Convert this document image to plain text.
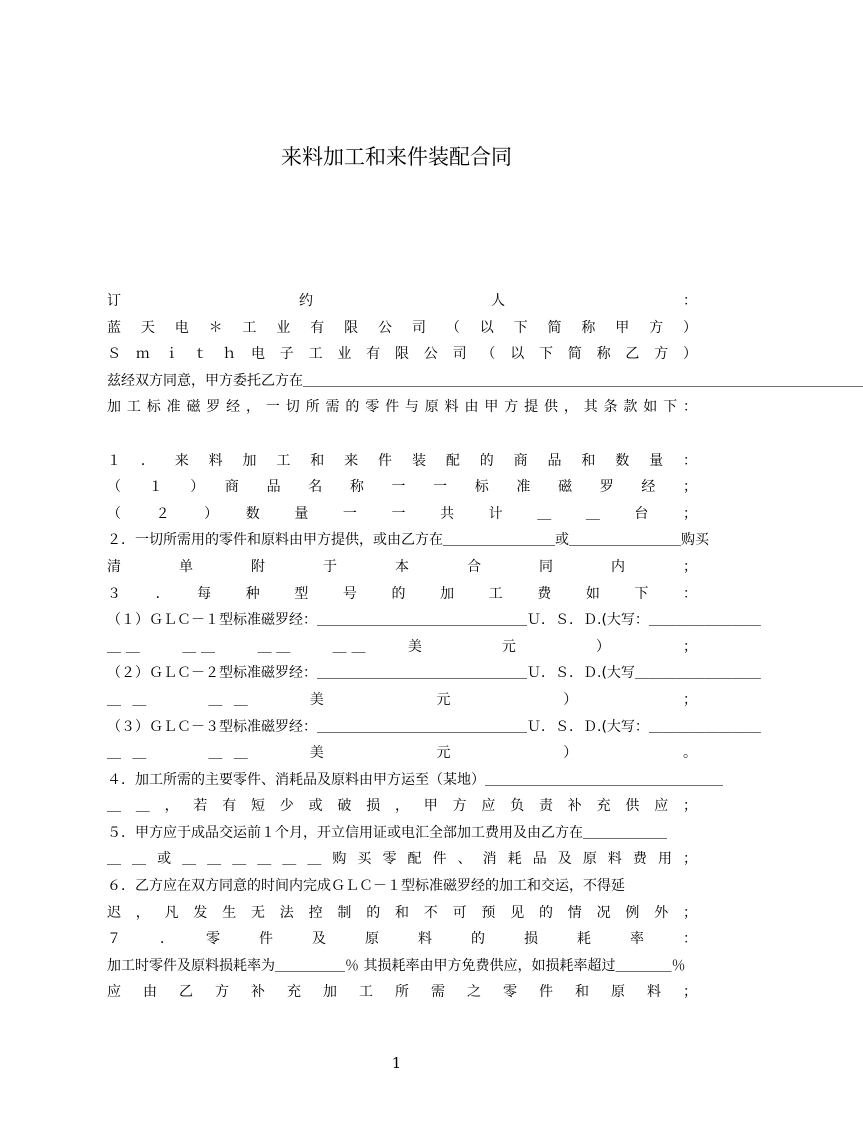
来料加工和来件装配合同
订　　　　　　　　　　　约　　　　　　　　　　　人　　　　　　　　　　　：
蓝天电＊工业有限公司（以下简称甲方）
Ｓｍｉｔｈ电子工业有限公司（以下简称乙方）
兹经双方同意，甲方委托乙方在＿＿＿＿＿＿＿＿＿＿＿＿＿＿＿＿＿＿＿＿＿＿＿＿＿＿＿＿＿＿＿＿＿＿＿＿＿＿＿＿
加工标准磁罗经，一切所需的零件与原料由甲方提供，其条款如下：
１．来料加工和来件装配的商品和数量：
（　１　）　商　品　名　称　一　一　标　准　磁　罗　经　；
（　２　）　数　量　一　一　共　计　＿　＿　台　；
２．一切所需用的零件和原料由甲方提供，或由乙方在＿＿＿＿＿＿＿＿或＿＿＿＿＿＿＿＿购买
清　　单　　附　　于　　本　　合　　同　　内　　；
３　．　每　种　型　号　的　加　工　费　如　下　：
（１）ＧＬＣ－１型标准磁罗经：＿＿＿＿＿＿＿＿＿＿＿＿＿＿＿Ｕ．Ｓ．Ｄ.(大写：＿＿＿＿＿＿＿＿
＿＿　　＿＿　　＿＿　　＿＿　　美　　　　元　　　　）　　　　；
（２）ＧＬＣ－２型标准磁罗经：＿＿＿＿＿＿＿＿＿＿＿＿＿＿＿Ｕ．Ｓ．Ｄ.(大写＿＿＿＿＿＿＿＿＿
＿＿　　＿＿　　美　　　　元　　　　）　　　　；
（３）ＧＬＣ－３型标准磁罗经：＿＿＿＿＿＿＿＿＿＿＿＿＿＿＿Ｕ．Ｓ．Ｄ.(大写：＿＿＿＿＿＿＿＿
＿＿　　＿＿　　美　　　　元　　　　）　　　　。
４．加工所需的主要零件、消耗品及原料由甲方运至（某地）＿＿＿＿＿＿＿＿＿＿＿＿＿＿＿＿＿
＿＿，若有短少或破损，甲方应负责补充供应；
５．甲方应于成品交运前１个月，开立信用证或电汇全部加工费用及由乙方在＿＿＿＿＿＿
＿＿或＿＿＿＿＿＿购买零配件、消耗品及原料费用；
６．乙方应在双方同意的时间内完成ＧＬＣ－１型标准磁罗经的加工和交运，不得延
迟，凡发生无法控制的和不可预见的情况例外；
７　．　零　件　及　原　料　的　损　耗　率　：
加工时零件及原料损耗率为＿＿＿＿＿％ 其损耗率由甲方免费供应，如损耗率超过＿＿＿＿％
应由乙方补充加工所需之零件和原料；
1
